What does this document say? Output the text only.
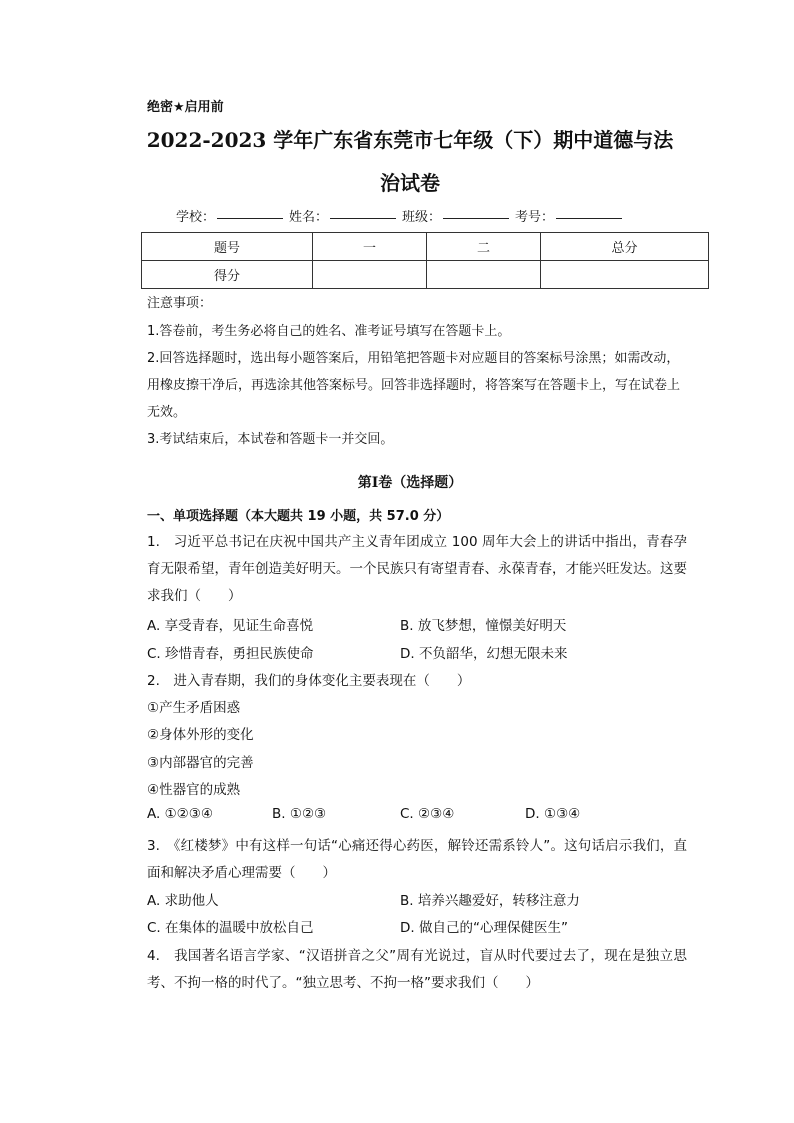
绝密★启用前
2022-2023 学年广东省东莞市七年级（下）期中道德与法
治试卷
学校：	姓名：	班级：	考号：
题号	一	二	总分
得分			
注意事项：
1.答卷前，考生务必将自己的姓名、准考证号填写在答题卡上。
2.回答选择题时，选出每小题答案后，用铅笔把答题卡对应题目的答案标号涂黑；如需改动，用橡皮擦干净后，再选涂其他答案标号。回答非选择题时，将答案写在答题卡上，写在试卷上无效。
3.考试结束后，本试卷和答题卡一并交回。
第Ⅰ卷（选择题）
一、单项选择题（本大题共 19 小题，共 57.0 分）
1.　习近平总书记在庆祝中国共产主义青年团成立 100 周年大会上的讲话中指出，青春孕育无限希望，青年创造美好明天。一个民族只有寄望青春、永葆青春，才能兴旺发达。这要求我们（　　）
A. 享受青春，见证生命喜悦	B. 放飞梦想，憧憬美好明天
C. 珍惜青春，勇担民族使命	D. 不负韶华，幻想无限未来
2.　进入青春期，我们的身体变化主要表现在（　　）
①产生矛盾困惑
②身体外形的变化
③内部器官的完善
④性器官的成熟
A. ①②③④	B. ①②③	C. ②③④	D. ①③④
3.　《红楼梦》中有这样一句话“心痛还得心药医，解铃还需系铃人”。这句话启示我们，直面和解决矛盾心理需要（　　）
A. 求助他人	B. 培养兴趣爱好，转移注意力
C. 在集体的温暖中放松自己	D. 做自己的“心理保健医生”
4.　我国著名语言学家、“汉语拼音之父”周有光说过，盲从时代要过去了，现在是独立思考、不拘一格的时代了。“独立思考、不拘一格”要求我们（　　）
